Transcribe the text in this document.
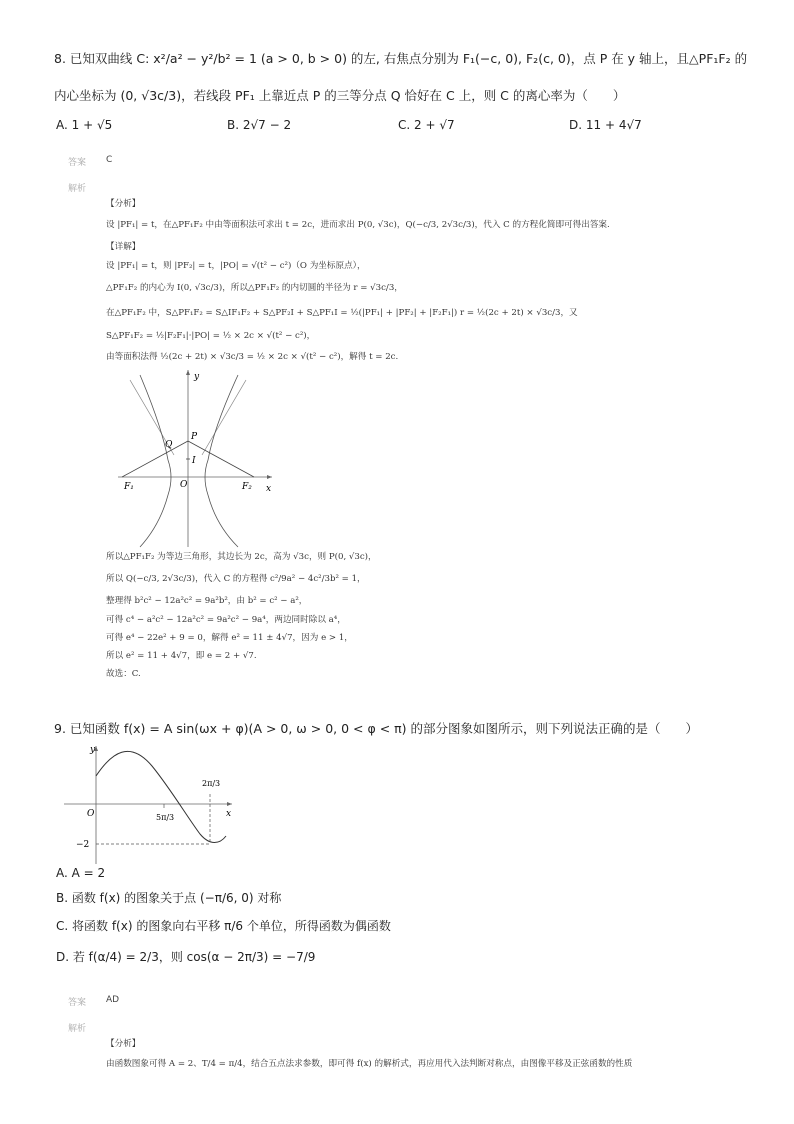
8. 已知双曲线 C: x²/a² − y²/b² = 1 (a > 0, b > 0) 的左, 右焦点分别为 F₁(−c, 0), F₂(c, 0)，点 P 在 y 轴上，且△PF₁F₂ 的
内心坐标为 (0, √3c/3)，若线段 PF₁ 上靠近点 P 的三等分点 Q 恰好在 C 上，则 C 的离心率为（　　）
A. 1 + √5	B. 2√7 − 2	C. 2 + √7	D. 11 + 4√7
答案 C
解析
【分析】
设 |PF₁| = t，在△PF₁F₂ 中由等面积法可求出 t = 2c，进而求出 P(0, √3c)，Q(−c/3, 2√3c/3)，代入 C 的方程化简即可得出答案.
【详解】
设 |PF₁| = t，则 |PF₂| = t，|PO| = √(t² − c²)（O 为坐标原点），
△PF₁F₂ 的内心为 I(0, √3c/3)，所以△PF₁F₂ 的内切圆的半径为 r = √3c/3，
在△PF₁F₂ 中，S△PF₁F₂ = S△IF₁F₂ + S△PF₂I + S△PF₁I = ½(|PF₁| + |PF₂| + |F₂F₁|) r = ½(2c + 2t) × √3c/3，又
S△PF₁F₂ = ½|F₂F₁|·|PO| = ½ × 2c × √(t² − c²)，
由等面积法得 ½(2c + 2t) × √3c/3 = ½ × 2c × √(t² − c²)，解得 t = 2c.
y
x
O
P
Q
I
F₁	F₂
所以△PF₁F₂ 为等边三角形，其边长为 2c，高为 √3c，则 P(0, √3c)，
所以 Q(−c/3, 2√3c/3)，代入 C 的方程得 c²/9a² − 4c²/3b² = 1，
整理得 b²c² − 12a²c² = 9a²b²，由 b² = c² − a²，
可得 c⁴ − a²c² − 12a²c² = 9a²c² − 9a⁴，两边同时除以 a⁴，
可得 e⁴ − 22e² + 9 = 0，解得 e² = 11 ± 4√7，因为 e > 1，
所以 e² = 11 + 4√7，即 e = 2 + √7.
故选：C.
9. 已知函数 f(x) = A sin(ωx + φ)(A > 0, ω > 0, 0 < φ < π) 的部分图象如图所示，则下列说法正确的是（　　）
y
x
O	5π/3
2π/3
−2
A. A = 2
B. 函数 f(x) 的图象关于点 (−π/6, 0) 对称
C. 将函数 f(x) 的图象向右平移 π/6 个单位，所得函数为偶函数
D. 若 f(α/4) = 2/3，则 cos(α − 2π/3) = −7/9
答案 AD
解析
【分析】
由函数图象可得 A = 2、T/4 = π/4，结合五点法求参数，即可得 f(x) 的解析式，再应用代入法判断对称点，由图像平移及正弦函数的性质
